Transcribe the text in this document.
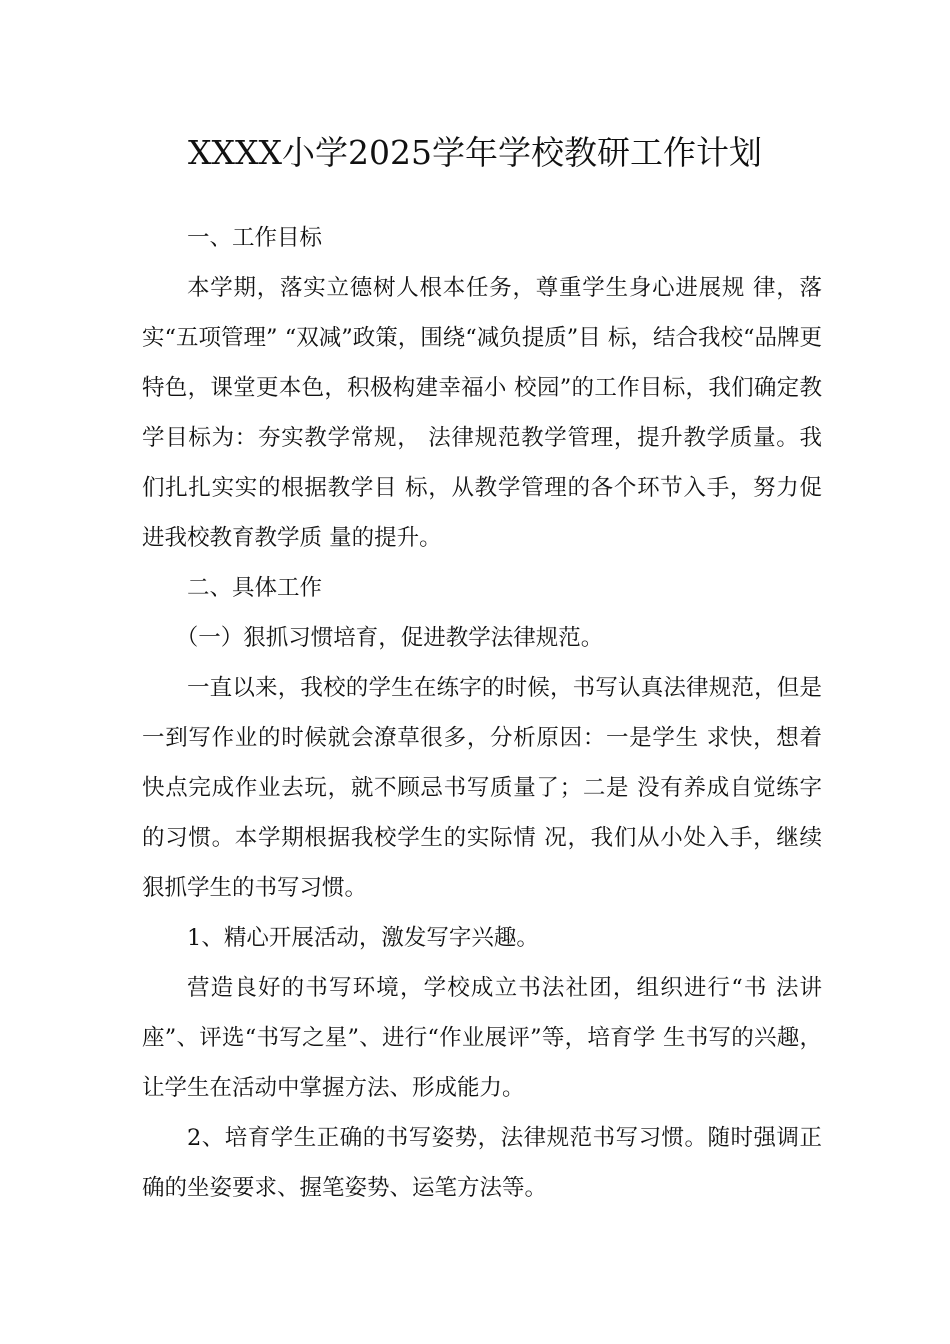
XXXX小学2025学年学校教研工作计划

一、工作目标

本学期，落实立德树人根本任务，尊重学生身心进展规 律，落实“五项管理” “双减”政策，围绕“减负提质”目 标，结合我校“品牌更特色，课堂更本色，积极构建幸福小 校园”的工作目标，我们确定教学目标为：夯实教学常规， 法律规范教学管理，提升教学质量。我们扎扎实实的根据教学目 标，从教学管理的各个环节入手，努力促进我校教育教学质 量的提升。

二、具体工作

（一）狠抓习惯培育，促进教学法律规范。

一直以来，我校的学生在练字的时候，书写认真法律规范，但是一到写作业的时候就会潦草很多，分析原因：一是学生 求快，想着快点完成作业去玩，就不顾忌书写质量了；二是 没有养成自觉练字的习惯。本学期根据我校学生的实际情 况，我们从小处入手，继续狠抓学生的书写习惯。

1、精心开展活动，激发写字兴趣。

营造良好的书写环境，学校成立书法社团，组织进行“书 法讲座”、评选“书写之星”、进行“作业展评”等，培育学 生书写的兴趣，让学生在活动中掌握方法、形成能力。

2、培育学生正确的书写姿势，法律规范书写习惯。随时强调正确的坐姿要求、握笔姿势、运笔方法等。
